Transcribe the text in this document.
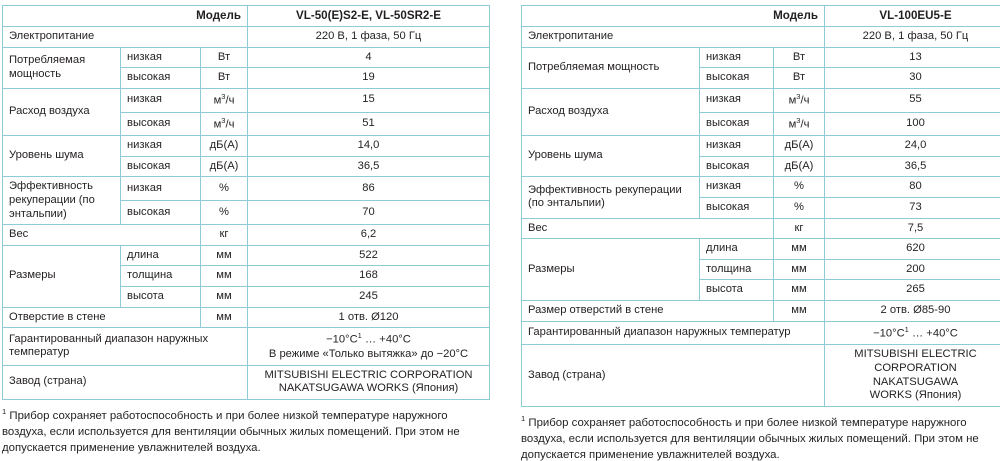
Модель			VL-50(E)S2-E, VL-50SR2-E
Электропитание			220 В, 1 фаза, 50 Гц
Потребляемая мощность	низкая	Вт	4
	высокая	Вт	19
Расход воздуха	низкая	$м^3/ч$	15
	высокая	$м^3/ч$	51
Уровень шума	низкая	дБ(А)	14,0
	высокая	дБ(А)	36,5
Эффективность рекуперации (по энтальпии)	низкая	%	86
	высокая	%	70
Вес		кг	6,2
Размеры	длина	мм	522
	толщина	мм	168
	высота	мм	245
Отверстие в стене		мм	1 отв. Ø120
Гарантированный диапазон наружных температур			$-10^\circ C^1$ … +40°C
В режиме «Только вытяжка» до −20°C

Завод (страна)			MITSUBISHI ELECTRIC CORPORATION
NAKATSUGAWA WORKS (Япония)
$^1$ Прибор сохраняет работоспособность и при более низкой температуре наружного воздуха, если используется для вентиляции обычных жилых помещений. При этом не допускается применение увлажнителей воздуха.
Модель			VL-100EU5-E
Электропитание			220 В, 1 фаза, 50 Гц
Потребляемая мощность	низкая	Вт	13
	высокая	Вт	30
Расход воздуха	низкая	$м^3/ч$	55
	высокая	$м^3/ч$	100
Уровень шума	низкая	дБ(А)	24,0
	высокая	дБ(А)	36,5
Эффективность рекуперации (по энтальпии)	низкая	%	80
	высокая	%	73
Вес		кг	7,5
Размеры	длина	мм	620
	толщина	мм	200
	высота	мм	265
Размер отверстий в стене		мм	2 отв. Ø85-90
Гарантированный диапазон наружных температур			$-10^\circ C^1$ … +40°C
Завод (страна)			MITSUBISHI ELECTRIC
CORPORATION NAKATSUGAWA
WORKS (Япония)
$^1$ Прибор сохраняет работоспособность и при более низкой температуре наружного воздуха, если используется для вентиляции обычных жилых помещений. При этом не допускается применение увлажнителей воздуха.
